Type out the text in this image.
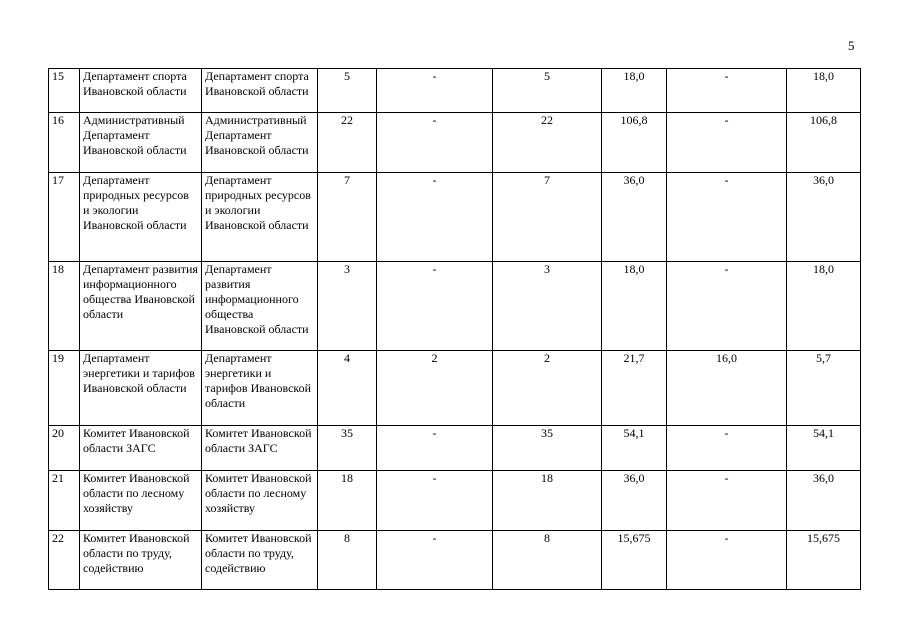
5
15	Департамент спорта Ивановской области	Департамент спорта Ивановской области	5	-	5	18,0	-	18,0
16	Административный Департамент Ивановской области	Административный Департамент Ивановской области	22	-	22	106,8	-	106,8
17	Департамент природных ресурсов и экологии Ивановской области	Департамент природных ресурсов и экологии Ивановской области	7	-	7	36,0	-	36,0
18	Департамент развития информационного общества Ивановской области	Департамент развития информационного общества Ивановской области	3	-	3	18,0	-	18,0
19	Департамент энергетики и тарифов Ивановской области	Департамент энергетики и тарифов Ивановской области	4	2	2	21,7	16,0	5,7
20	Комитет Ивановской области ЗАГС	Комитет Ивановской области ЗАГС	35	-	35	54,1	-	54,1
21	Комитет Ивановской области по лесному хозяйству	Комитет Ивановской области по лесному хозяйству	18	-	18	36,0	-	36,0
22	Комитет Ивановской области по труду, содействию	Комитет Ивановской области по труду, содействию	8	-	8	15,675	-	15,675
